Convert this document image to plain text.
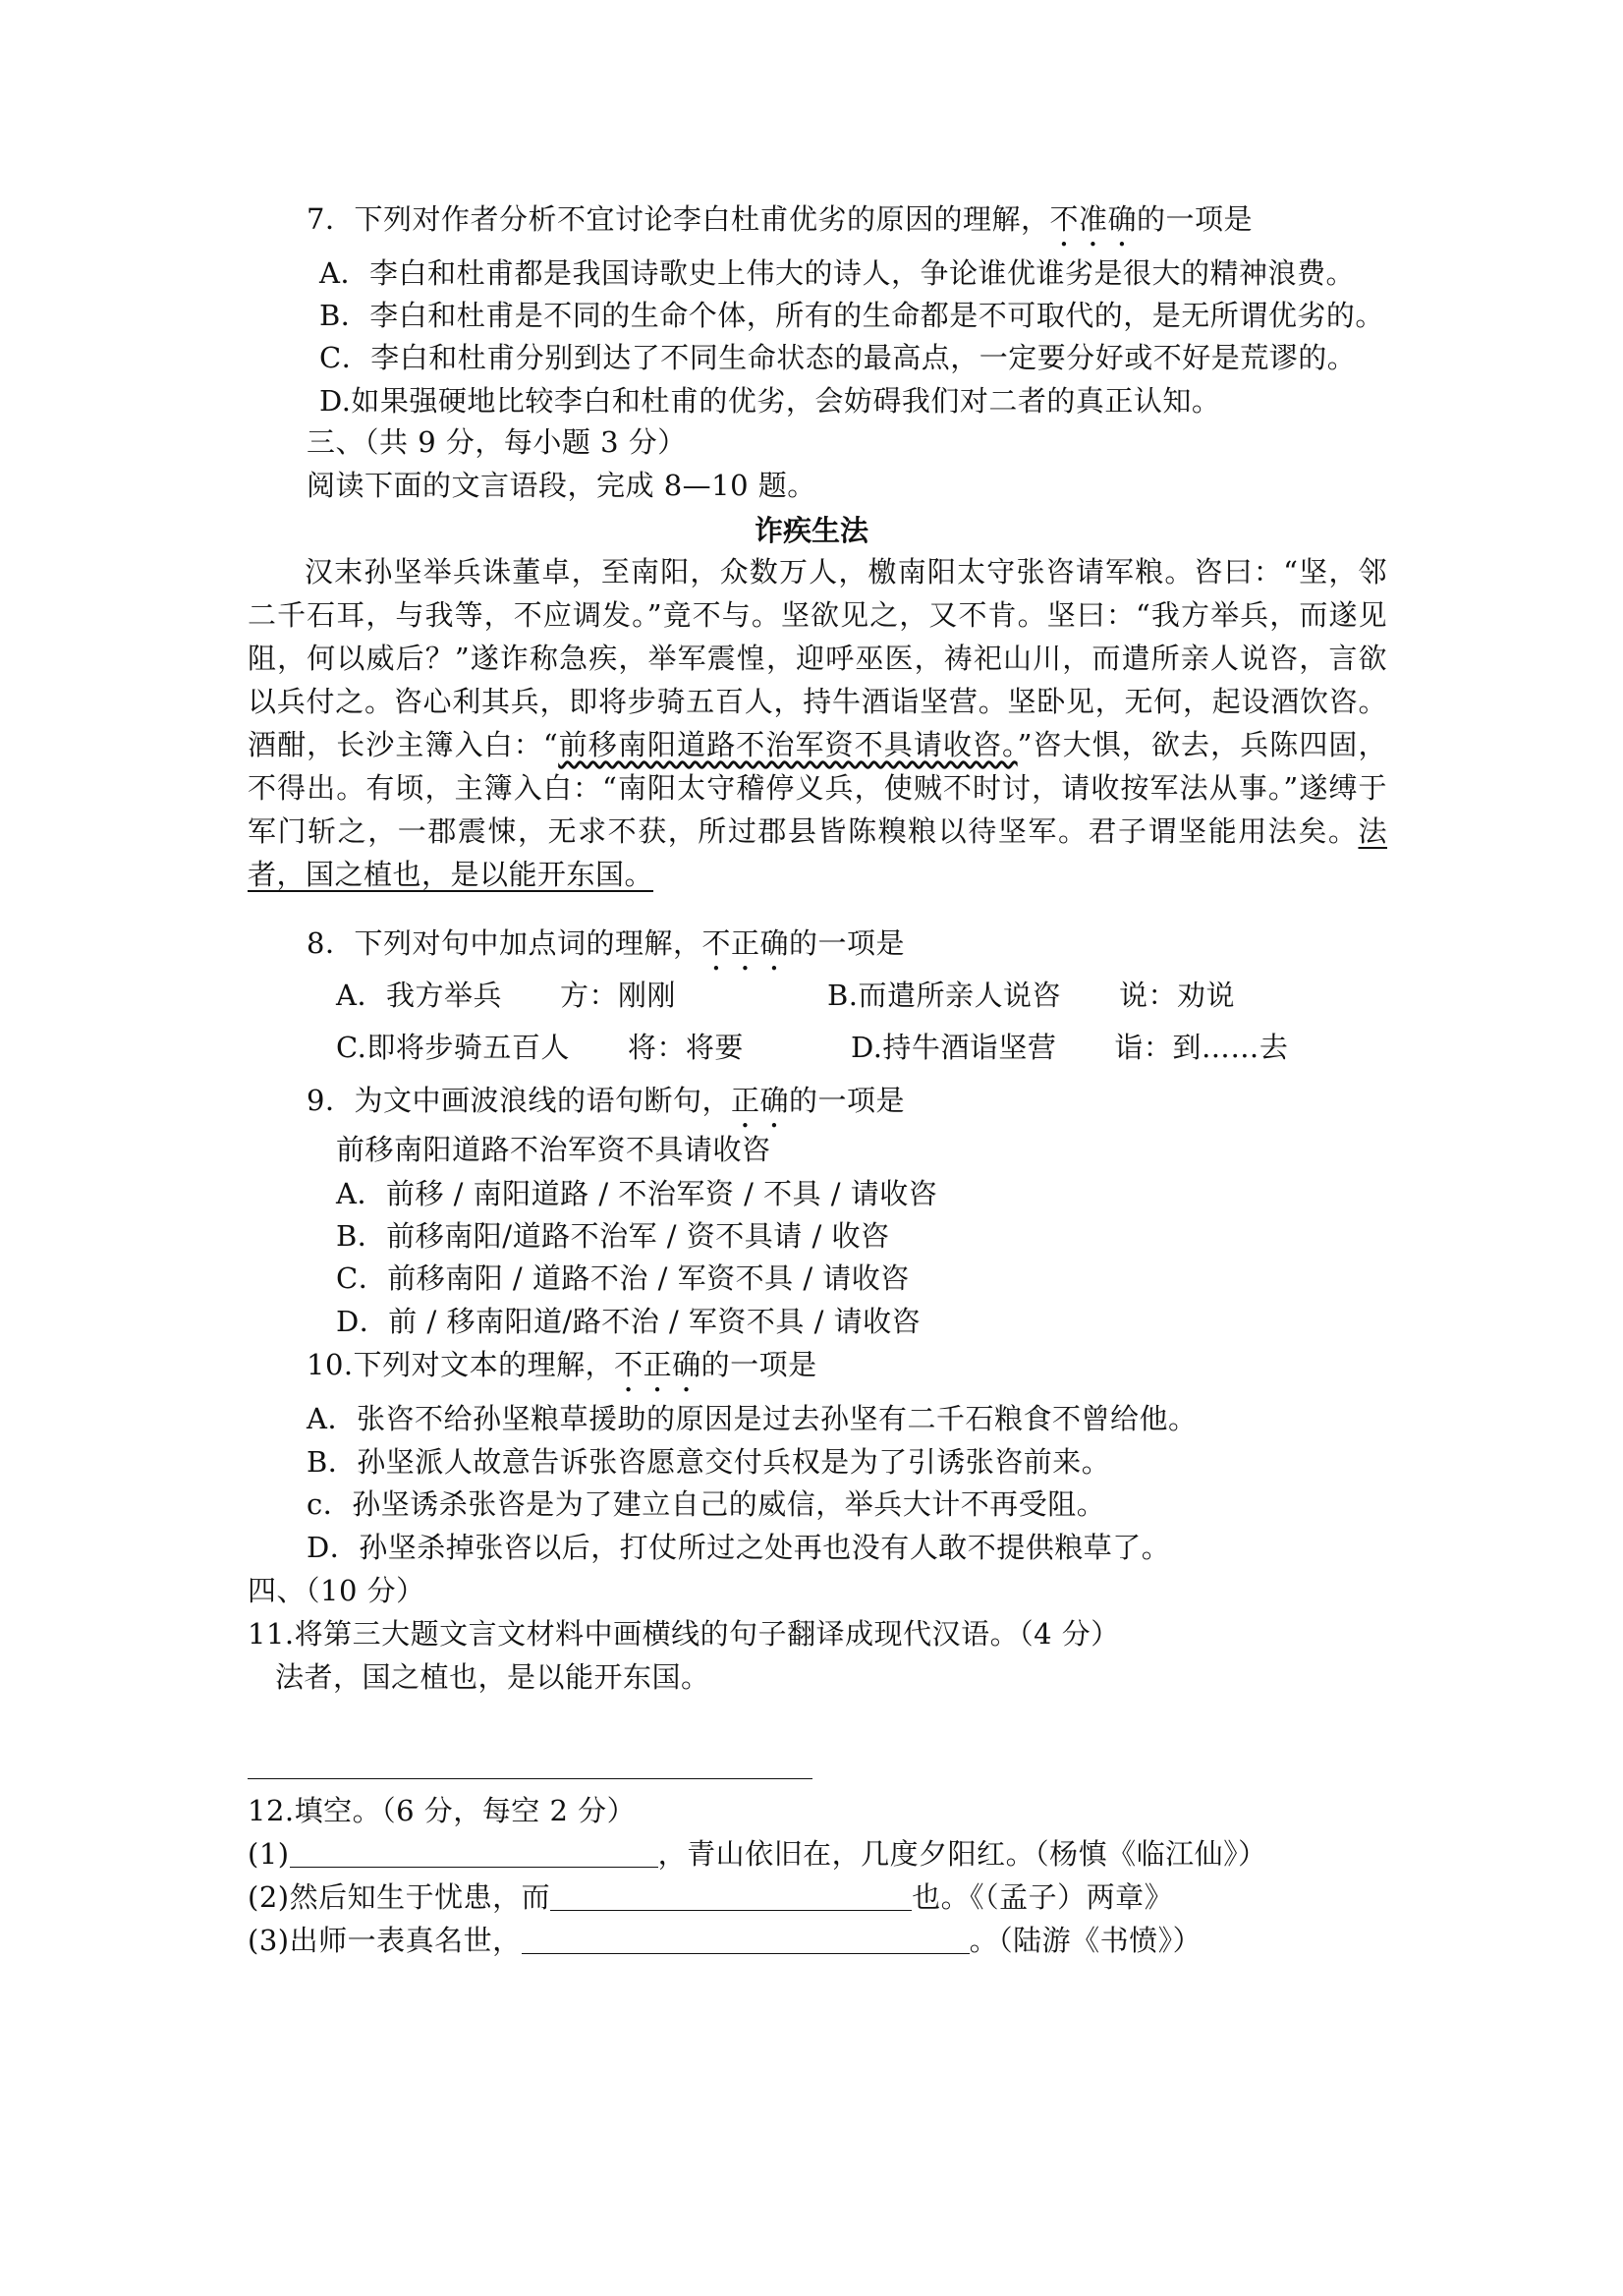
7．下列对作者分析不宜讨论李白杜甫优劣的原因的理解，不准确的一项是
A．李白和杜甫都是我国诗歌史上伟大的诗人，争论谁优谁劣是很大的精神浪费。
B．李白和杜甫是不同的生命个体，所有的生命都是不可取代的，是无所谓优劣的。
C．李白和杜甫分别到达了不同生命状态的最高点，一定要分好或不好是荒谬的。
D.如果强硬地比较李白和杜甫的优劣，会妨碍我们对二者的真正认知。
三、（共 9 分，每小题 3 分）
阅读下面的文言语段，完成 8—10 题。
诈疾生法
汉末孙坚举兵诛董卓，至南阳，众数万人，檄南阳太守张咨请军粮。咨曰：“坚，邻二千石耳，与我等，不应调发。”竟不与。坚欲见之，又不肯。坚曰：“我方举兵，而遂见阻，何以威后？”遂诈称急疾，举军震惶，迎呼巫医，祷祀山川，而遣所亲人说咨，言欲以兵付之。咨心利其兵，即将步骑五百人，持牛酒诣坚营。坚卧见，无何，起设酒饮咨。酒酣，长沙主簿入白：“前移南阳道路不治军资不具请收咨。”咨大惧，欲去，兵陈四固，不得出。有顷，主簿入白：“南阳太守稽停义兵，使贼不时讨，请收按军法从事。”遂缚于军门斩之，一郡震悚，无求不获，所过郡县皆陈糗粮以待坚军。君子谓坚能用法矣。法者，国之植也，是以能开东国。
8．下列对句中加点词的理解，不正确的一项是
A．我方举兵　　方：刚刚	B.而遣所亲人说咨　　说：劝说
C.即将步骑五百人　　将：将要	D.持牛酒诣坚营　　诣：到……去
9．为文中画波浪线的语句断句，正确的一项是
前移南阳道路不治军资不具请收咨
A．前移 / 南阳道路 / 不治军资 / 不具 / 请收咨
B．前移南阳/道路不治军 / 资不具请 / 收咨
C．前移南阳 / 道路不治 / 军资不具 / 请收咨
D．前 / 移南阳道/路不治 / 军资不具 / 请收咨
10.下列对文本的理解，不正确的一项是
A．张咨不给孙坚粮草援助的原因是过去孙坚有二千石粮食不曾给他。
B．孙坚派人故意告诉张咨愿意交付兵权是为了引诱张咨前来。
c．孙坚诱杀张咨是为了建立自己的威信，举兵大计不再受阻。
D．孙坚杀掉张咨以后，打仗所过之处再也没有人敢不提供粮草了。
四、（10 分）
11.将第三大题文言文材料中画横线的句子翻译成现代汉语。（4 分）
法者，国之植也，是以能开东国。
12.填空。（6 分，每空 2 分）
(1)	，青山依旧在，几度夕阳红。（杨慎《临江仙》）
(2)然后知生于忧患，而	也。《（孟子）两章》
(3)出师一表真名世，	。（陆游《书愤》）
